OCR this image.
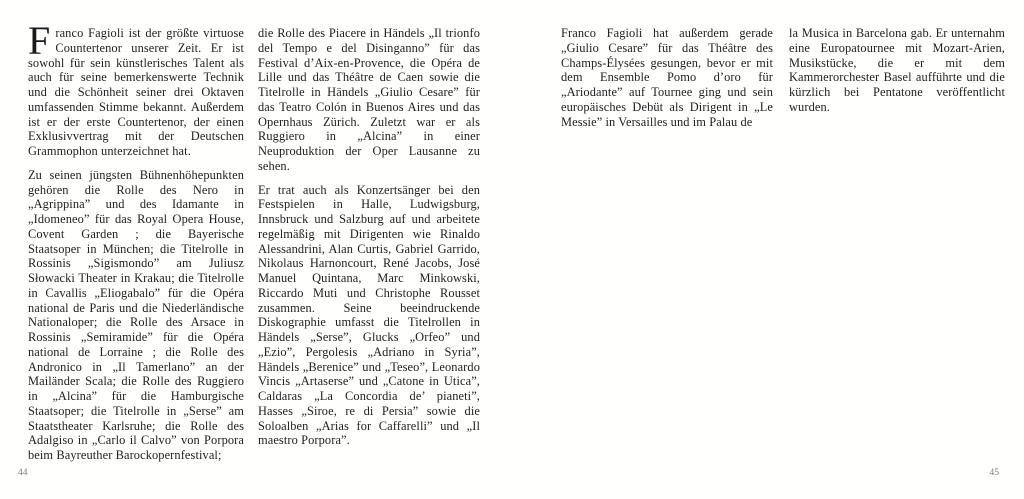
Franco Fagioli ist der größte virtuose Countertenor unserer Zeit. Er ist sowohl für sein künstlerisches Talent als auch für seine bemerkenswerte Technik und die Schönheit seiner drei Oktaven umfassenden Stimme bekannt. Außerdem ist er der erste Countertenor, der einen Exklusivvertrag mit der Deutschen Grammophon unterzeichnet hat.

Zu seinen jüngsten Bühnenhöhepunkten gehören die Rolle des Nero in „Agrippina” und des Idamante in „Idomeneo” für das Royal Opera House, Covent Garden ; die Bayerische Staatsoper in München; die Titelrolle in Rossinis „Sigismondo” am Juliusz Słowacki Theater in Krakau; die Titelrolle in Cavallis „Eliogabalo” für die Opéra national de Paris und die Niederländische Nationaloper; die Rolle des Arsace in Rossinis „Semiramide” für die Opéra national de Lorraine ; die Rolle des Andronico in „Il Tamerlano” an der Mailänder Scala; die Rolle des Ruggiero in „Alcina” für die Hamburgische Staatsoper; die Titelrolle in „Serse” am Staatstheater Karlsruhe; die Rolle des Adalgiso in „Carlo il Calvo” von Porpora beim Bayreuther Barockopernfestival;

die Rolle des Piacere in Händels „Il trionfo del Tempo e del Disinganno” für das Festival d’Aix-en-Provence, die Opéra de Lille und das Théâtre de Caen sowie die Titelrolle in Händels „Giulio Cesare” für das Teatro Colón in Buenos Aires und das Opernhaus Zürich. Zuletzt war er als Ruggiero in „Alcina” in einer Neuproduktion der Oper Lausanne zu sehen.

Er trat auch als Konzertsänger bei den Festspielen in Halle, Ludwigsburg, Innsbruck und Salzburg auf und arbeitete regelmäßig mit Dirigenten wie Rinaldo Alessandrini, Alan Curtis, Gabriel Garrido, Nikolaus Harnoncourt, René Jacobs, José Manuel Quintana, Marc Minkowski, Riccardo Muti und Christophe Rousset zusammen. Seine beeindruckende Diskographie umfasst die Titelrollen in Händels „Serse”, Glucks „Orfeo” und „Ezio”, Pergolesis „Adriano in Syria”, Händels „Berenice” und „Teseo”, Leonardo Vincis „Artaserse” und „Catone in Utica”, Caldaras „La Concordia de’ pianeti”, Hasses „Siroe, re di Persia” sowie die Soloalben „Arias for Caffarelli” und „Il maestro Porpora”.

44

Franco Fagioli hat außerdem gerade „Giulio Cesare” für das Théâtre des Champs-Élysées gesungen, bevor er mit dem Ensemble Pomo d’oro für „Ariodante” auf Tournee ging und sein europäisches Debüt als Dirigent in „Le Messie” in Versailles und im Palau de

la Musica in Barcelona gab. Er unternahm eine Europatournee mit Mozart-Arien, Musikstücke, die er mit dem Kammerorchester Basel aufführte und die kürzlich bei Pentatone veröffentlicht wurden.

45
